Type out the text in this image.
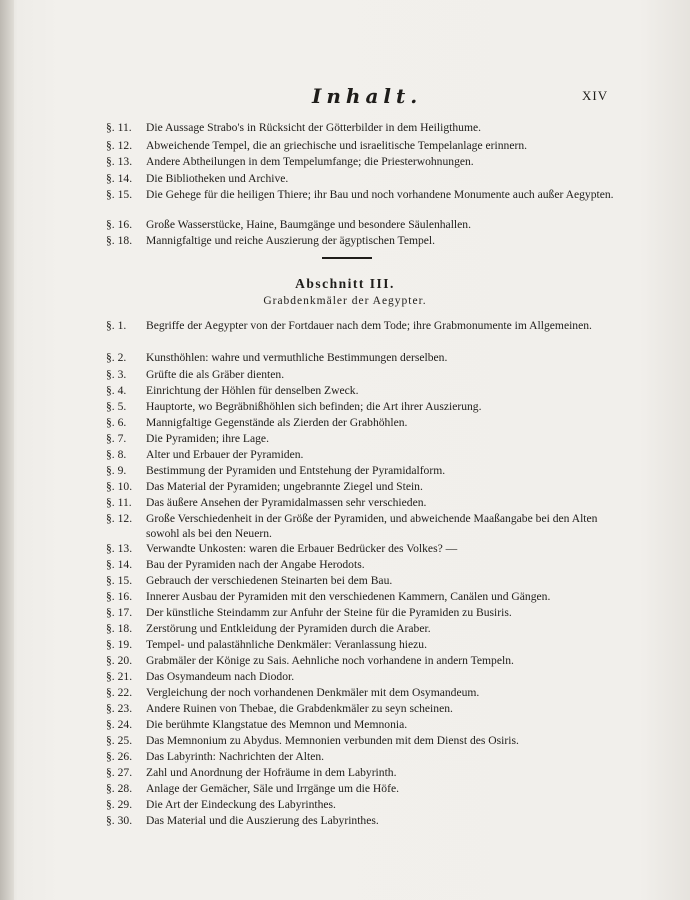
Inhalt.	XIV
§. 11.	Die Aussage Strabo's in Rücksicht der Götterbilder in dem Heiligthume.
§. 12.	Abweichende Tempel, die an griechische und israelitische Tempelanlage erinnern.
§. 13.	Andere Abtheilungen in dem Tempelumfange; die Priesterwohnungen.
§. 14.	Die Bibliotheken und Archive.
§. 15.	Die Gehege für die heiligen Thiere; ihr Bau und noch vorhandene Monumente auch außer Aegypten.
§. 16.	Große Wasserstücke, Haine, Baumgänge und besondere Säulenhallen.
§. 18.	Mannigfaltige und reiche Auszierung der ägyptischen Tempel.
Abschnitt III.
Grabdenkmäler der Aegypter.
§. 1.	Begriffe der Aegypter von der Fortdauer nach dem Tode; ihre Grabmonumente im Allgemeinen.
§. 2.	Kunsthöhlen: wahre und vermuthliche Bestimmungen derselben.
§. 3.	Grüfte die als Gräber dienten.
§. 4.	Einrichtung der Höhlen für denselben Zweck.
§. 5.	Hauptorte, wo Begräbnißhöhlen sich befinden; die Art ihrer Auszierung.
§. 6.	Mannigfaltige Gegenstände als Zierden der Grabhöhlen.
§. 7.	Die Pyramiden; ihre Lage.
§. 8.	Alter und Erbauer der Pyramiden.
§. 9.	Bestimmung der Pyramiden und Entstehung der Pyramidalform.
§. 10.	Das Material der Pyramiden; ungebrannte Ziegel und Stein.
§. 11.	Das äußere Ansehen der Pyramidalmassen sehr verschieden.
§. 12.	Große Verschiedenheit in der Größe der Pyramiden, und abweichende Maaßangabe bei den Alten sowohl als bei den Neuern.
§. 13.	Verwandte Unkosten: waren die Erbauer Bedrücker des Volkes? —
§. 14.	Bau der Pyramiden nach der Angabe Herodots.
§. 15.	Gebrauch der verschiedenen Steinarten bei dem Bau.
§. 16.	Innerer Ausbau der Pyramiden mit den verschiedenen Kammern, Canälen und Gängen.
§. 17.	Der künstliche Steindamm zur Anfuhr der Steine für die Pyramiden zu Busiris.
§. 18.	Zerstörung und Entkleidung der Pyramiden durch die Araber.
§. 19.	Tempel- und palastähnliche Denkmäler: Veranlassung hiezu.
§. 20.	Grabmäler der Könige zu Sais. Aehnliche noch vorhandene in andern Tempeln.
§. 21.	Das Osymandeum nach Diodor.
§. 22.	Vergleichung der noch vorhandenen Denkmäler mit dem Osymandeum.
§. 23.	Andere Ruinen von Thebae, die Grabdenkmäler zu seyn scheinen.
§. 24.	Die berühmte Klangstatue des Memnon und Memnonia.
§. 25.	Das Memnonium zu Abydus. Memnonien verbunden mit dem Dienst des Osiris.
§. 26.	Das Labyrinth: Nachrichten der Alten.
§. 27.	Zahl und Anordnung der Hofräume in dem Labyrinth.
§. 28.	Anlage der Gemächer, Säle und Irrgänge um die Höfe.
§. 29.	Die Art der Eindeckung des Labyrinthes.
§. 30.	Das Material und die Auszierung des Labyrinthes.
